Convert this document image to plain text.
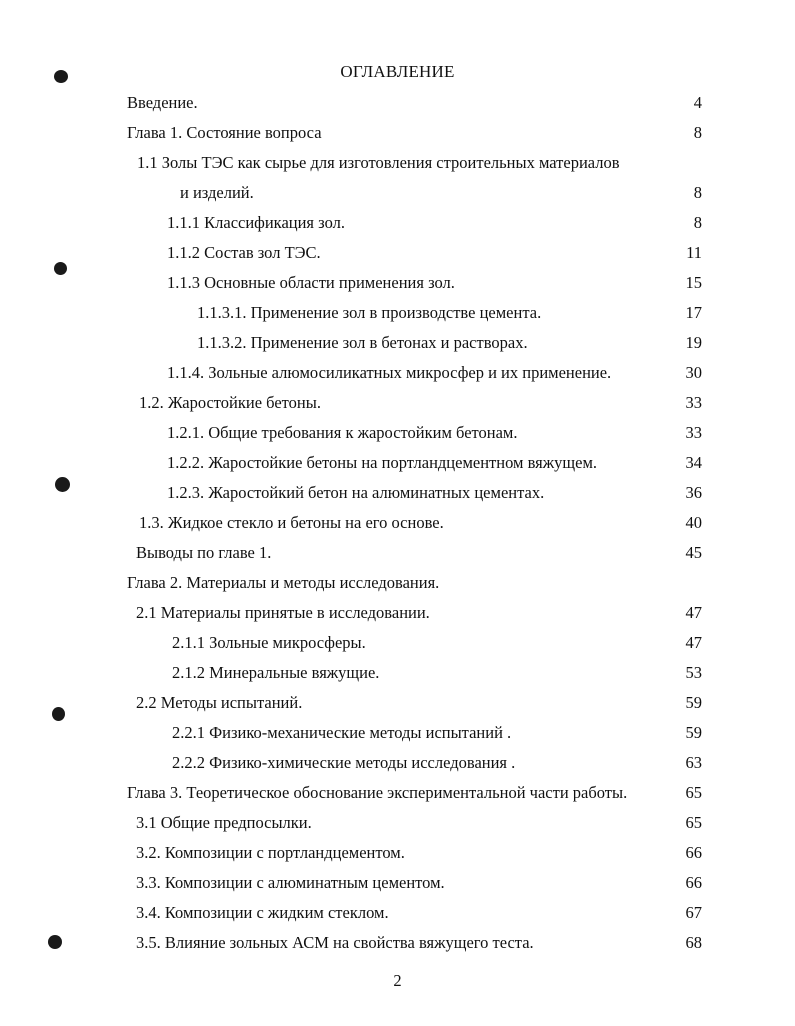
ОГЛАВЛЕНИЕ
Введение.	4
Глава 1. Состояние вопроса	8
1.1 Золы ТЭС как сырье для изготовления строительных материалов
и изделий.	8
1.1.1 Классификация зол.	8
1.1.2 Состав зол ТЭС.	11
1.1.3 Основные области применения зол.	15
1.1.3.1. Применение зол в производстве цемента.	17
1.1.3.2. Применение зол в бетонах и растворах.	19
1.1.4. Зольные алюмосиликатных микросфер и их применение.	30
1.2. Жаростойкие бетоны.	33
1.2.1. Общие требования к жаростойким бетонам.	33
1.2.2. Жаростойкие бетоны на портландцементном вяжущем.	34
1.2.3. Жаростойкий бетон на алюминатных цементах.	36
1.3. Жидкое стекло и бетоны на его основе.	40
Выводы по главе 1.	45
Глава 2. Материалы и методы исследования.
2.1 Материалы принятые в исследовании.	47
2.1.1 Зольные микросферы.	47
2.1.2 Минеральные вяжущие.	53
2.2 Методы испытаний.	59
2.2.1 Физико-механические методы испытаний .	59
2.2.2 Физико-химические методы исследования .	63
Глава 3. Теоретическое обоснование экспериментальной части работы.	65
3.1 Общие предпосылки.	65
3.2. Композиции с портландцементом.	66
3.3. Композиции с алюминатным цементом.	66
3.4. Композиции с жидким стеклом.	67
3.5. Влияние зольных АСМ на свойства вяжущего теста.	68
2
